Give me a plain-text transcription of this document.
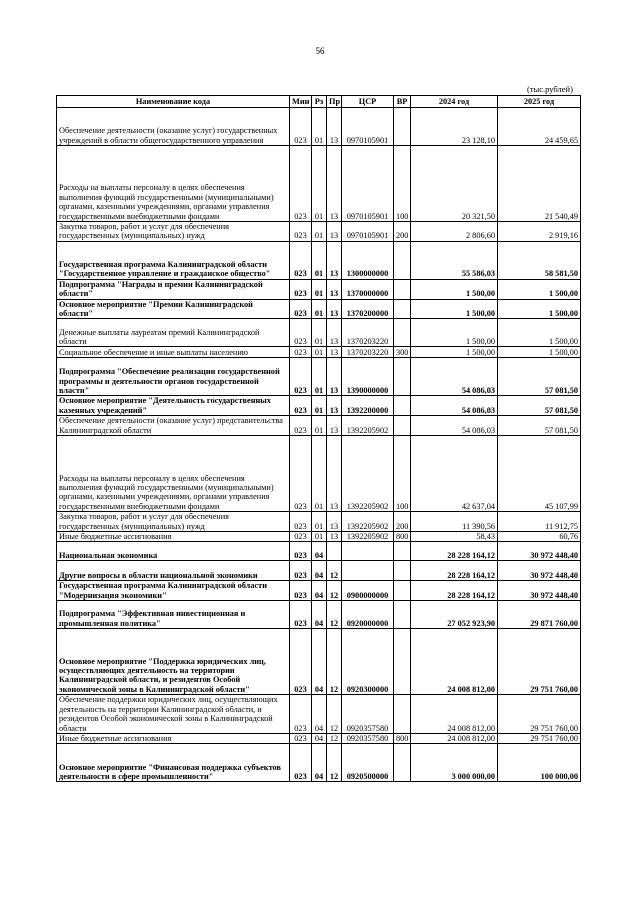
56
(тыс.рублей)
Наименование кода	Мин	Рз	Пр	ЦСР	ВР	2024 год	2025 год
Обеспечение деятельности (оказание услуг) государственных учреждений в области общегосударственного управления	023	01	13	0970105901		23 128,10	24 459,65
Расходы на выплаты персоналу в целях обеспечения выполнения функций государственными (муниципальными) органами, казенными учреждениями, органами управления государственными внебюджетными фондами	023	01	13	0970105901	100	20 321,50	21 540,49
Закупка товаров, работ и услуг для обеспечения государственных (муниципальных) нужд	023	01	13	0970105901	200	2 806,60	2 919,16
Государственная программа Калининградской области "Государственное управление и гражданское общество"	023	01	13	1300000000		55 586,03	58 581,50
Подпрограмма "Награды и премии Калининградской области"	023	01	13	1370000000		1 500,00	1 500,00
Основное мероприятие "Премии Калининградской области"	023	01	13	1370200000		1 500,00	1 500,00
Денежные выплаты лауреатам премий Калининградской области	023	01	13	1370203220		1 500,00	1 500,00
Социальное обеспечение и иные выплаты населению	023	01	13	1370203220	300	1 500,00	1 500,00
Подпрограмма "Обеспечение реализации государственной программы и деятельности органов государственной власти"	023	01	13	1390000000		54 086,03	57 081,50
Основное мероприятие "Деятельность государственных казенных учреждений"	023	01	13	1392200000		54 086,03	57 081,50
Обеспечение деятельности (оказание услуг) представительства Калининградской области	023	01	13	1392205902		54 086,03	57 081,50
Расходы на выплаты персоналу в целях обеспечения выполнения функций государственными (муниципальными) органами, казенными учреждениями, органами управления государственными внебюджетными фондами	023	01	13	1392205902	100	42 637,04	45 107,99
Закупка товаров, работ и услуг для обеспечения государственных (муниципальных) нужд	023	01	13	1392205902	200	11 390,56	11 912,75
Иные бюджетные ассигнования	023	01	13	1392205902	800	58,43	60,76
Национальная экономика	023	04				28 228 164,12	30 972 448,40
Другие вопросы в области национальной экономики	023	04	12			28 228 164,12	30 972 448,40
Государственная программа Калининградской области "Модернизация экономики"	023	04	12	0900000000		28 228 164,12	30 972 448,40
Подпрограмма "Эффективная инвестиционная и промышленная политика"	023	04	12	0920000000		27 052 923,90	29 871 760,00
Основное мероприятие "Поддержка юридических лиц, осуществляющих деятельность на территории Калининградской области, и резидентов Особой экономической зоны в Калининградской области"	023	04	12	0920300000		24 008 812,00	29 751 760,00
Обеспечение поддержки юридических лиц, осуществляющих деятельность на территории Калининградской области, и резидентов Особой экономической зоны в Калининградской области	023	04	12	0920357580		24 008 812,00	29 751 760,00
Иные бюджетные ассигнования	023	04	12	0920357580	800	24 008 812,00	29 751 760,00
Основное мероприятие "Финансовая поддержка субъектов деятельности в сфере промышленности"	023	04	12	0920500000		3 000 000,00	100 000,00
